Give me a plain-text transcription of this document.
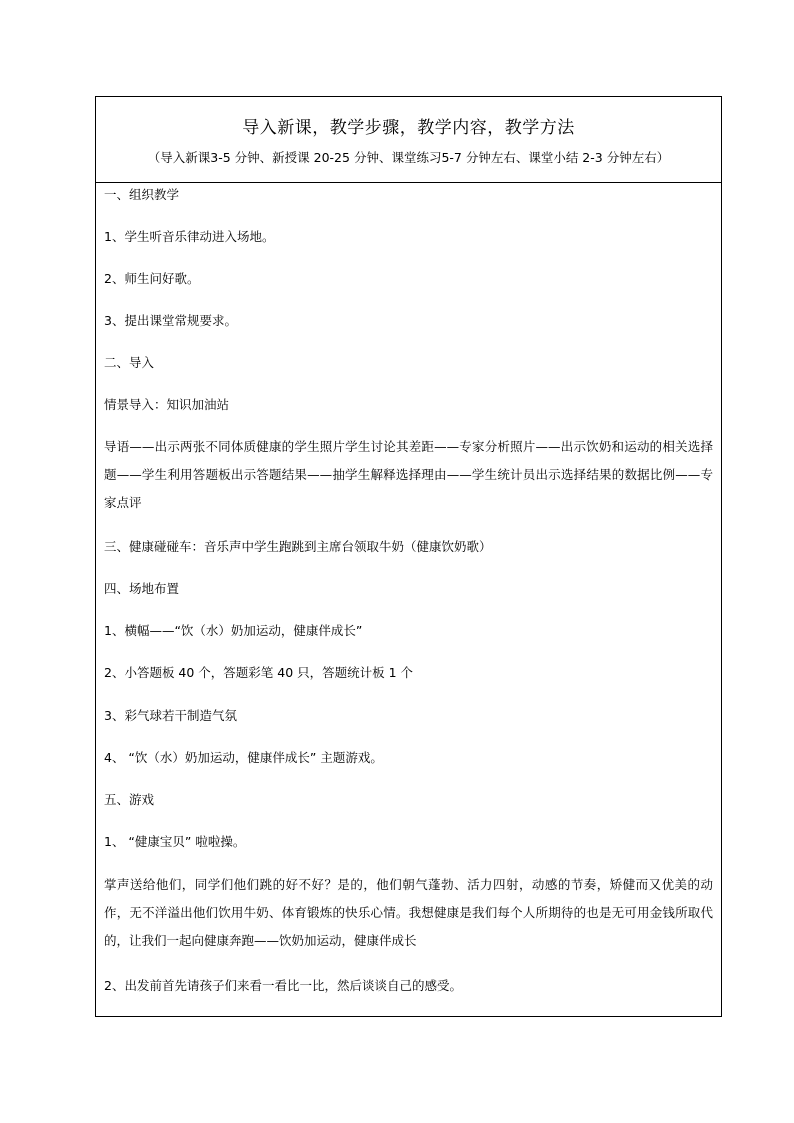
导入新课，教学步骤，教学内容，教学方法
（导入新课3-5 分钟、新授课 20-25 分钟、课堂练习5-7 分钟左右、课堂小结 2-3 分钟左右）
一、组织教学
1、学生听音乐律动进入场地。
2、师生问好歌。
3、提出课堂常规要求。
二、导入
情景导入：知识加油站
导语——出示两张不同体质健康的学生照片学生讨论其差距——专家分析照片——出示饮奶和运动的相关选择题——学生利用答题板出示答题结果——抽学生解释选择理由——学生统计员出示选择结果的数据比例——专家点评
三、健康碰碰车：音乐声中学生跑跳到主席台领取牛奶（健康饮奶歌）
四、场地布置
1、横幅——“饮（水）奶加运动，健康伴成长”
2、小答题板 40 个，答题彩笔 40 只，答题统计板 1 个
3、彩气球若干制造气氛
4、 “饮（水）奶加运动，健康伴成长” 主题游戏。
五、游戏
1、 “健康宝贝” 啦啦操。
掌声送给他们，同学们他们跳的好不好？是的，他们朝气蓬勃、活力四射，动感的节奏，矫健而又优美的动作，无不洋溢出他们饮用牛奶、体育锻炼的快乐心情。我想健康是我们每个人所期待的也是无可用金钱所取代的，让我们一起向健康奔跑——饮奶加运动，健康伴成长
2、出发前首先请孩子们来看一看比一比，然后谈谈自己的感受。
